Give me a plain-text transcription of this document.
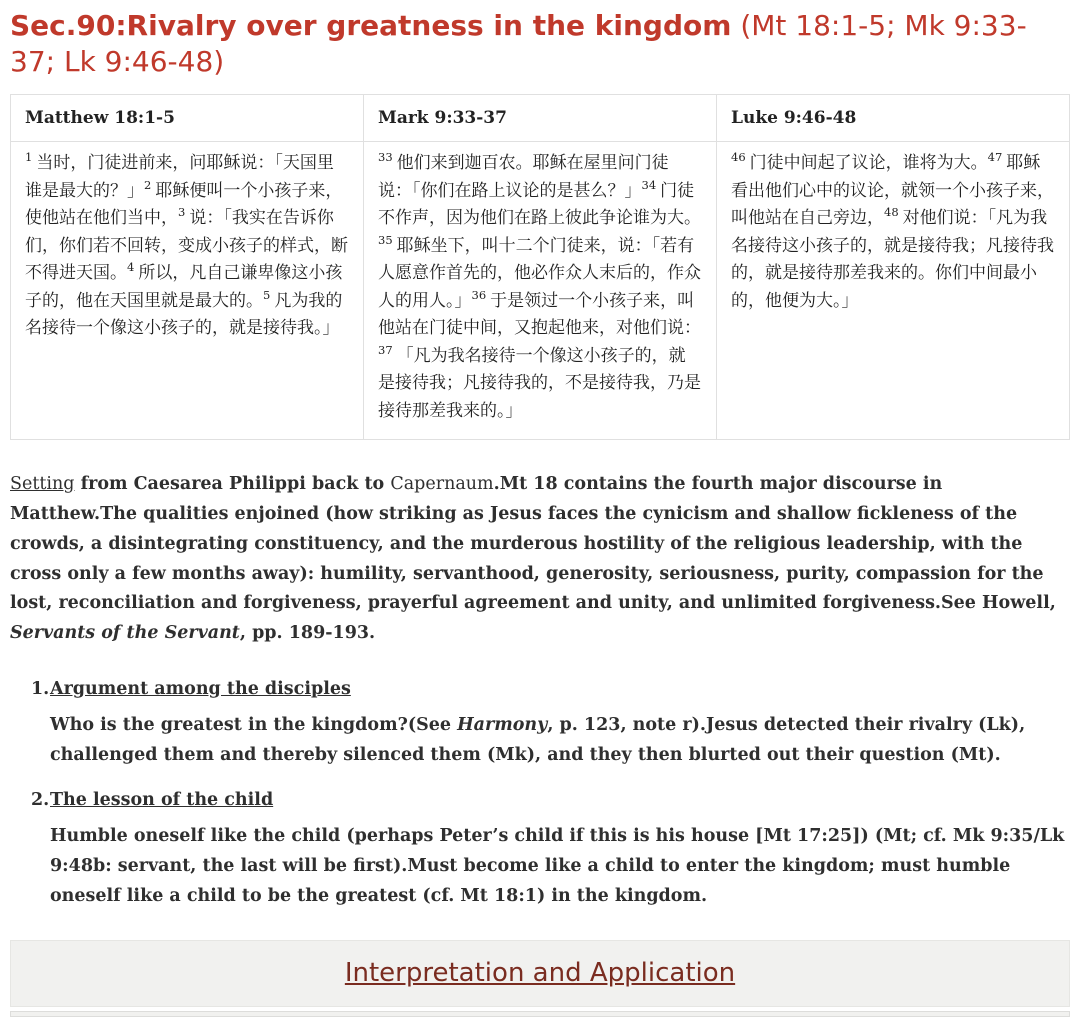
Sec.90:Rivalry over greatness in the kingdom (Mt 18:1-5; Mk 9:33-37; Lk 9:46-48)
Matthew 18:1-5	Mark 9:33-37	Luke 9:46-48
$^1$ 当时，门徒进前来，问耶稣说：「天国里谁是最大的？」$^2$ 耶稣便叫一个小孩子来，使他站在他们当中，$^3$ 说：「我实在告诉你们，你们若不回转，变成小孩子的样式，断不得进天国。$^4$ 所以，凡自己谦卑像这小孩子的，他在天国里就是最大的。$^5$ 凡为我的名接待一个像这小孩子的，就是接待我。」	$^{33}$ 他们来到迦百农。耶稣在屋里问门徒说：「你们在路上议论的是甚么？」$^{34}$ 门徒不作声，因为他们在路上彼此争论谁为大。$^{35}$ 耶稣坐下，叫十二个门徒来，说：「若有人愿意作首先的，他必作众人末后的，作众人的用人。」$^{36}$ 于是领过一个小孩子来，叫他站在门徒中间，又抱起他来，对他们说：$^{37}$ 「凡为我名接待一个像这小孩子的，就是接待我；凡接待我的，不是接待我，乃是接待那差我来的。」	$^{46}$ 门徒中间起了议论，谁将为大。$^{47}$ 耶稣看出他们心中的议论，就领一个小孩子来，叫他站在自己旁边，$^{48}$ 对他们说：「凡为我名接待这小孩子的，就是接待我；凡接待我的，就是接待那差我来的。你们中间最小的，他便为大。」

Setting from Caesarea Philippi back to Capernaum.Mt 18 contains the fourth major discourse in Matthew.The qualities enjoined (how striking as Jesus faces the cynicism and shallow fickleness of the crowds, a disintegrating constituency, and the murderous hostility of the religious leadership, with the cross only a few months away): humility, servanthood, generosity, seriousness, purity, compassion for the lost, reconciliation and forgiveness, prayerful agreement and unity, and unlimited forgiveness.See Howell, Servants of the Servant, pp. 189-193.

1.Argument among the disciples

Who is the greatest in the kingdom?(See Harmony, p. 123, note r).Jesus detected their rivalry (Lk), challenged them and thereby silenced them (Mk), and they then blurted out their question (Mt).

2.The lesson of the child

Humble oneself like the child (perhaps Peter’s child if this is his house [Mt 17:25]) (Mt; cf. Mk 9:35/Lk 9:48b: servant, the last will be first).Must become like a child to enter the kingdom; must humble oneself like a child to be the greatest (cf. Mt 18:1) in the kingdom.

Interpretation and Application
